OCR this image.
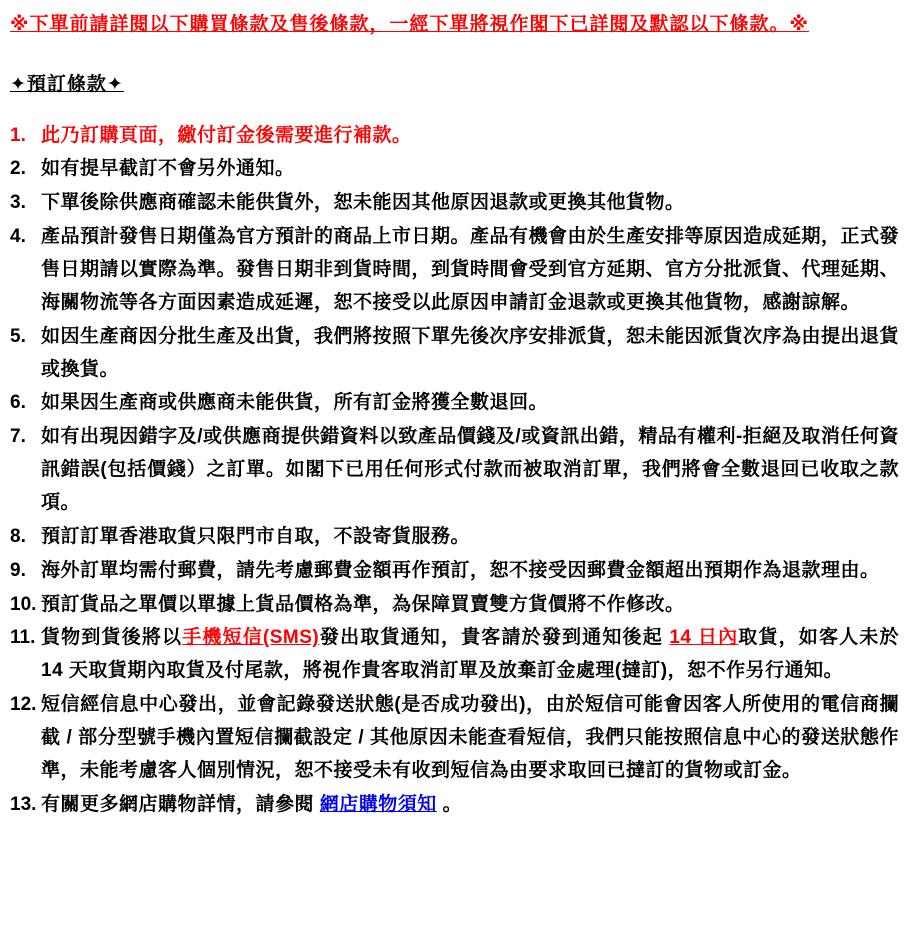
※下單前請詳閱以下購買條款及售後條款，一經下單將視作閣下已詳閱及默認以下條款。※

✦預訂條款✦

1. 此乃訂購頁面，繳付訂金後需要進行補款。
2. 如有提早截訂不會另外通知。
3. 下單後除供應商確認未能供貨外，恕未能因其他原因退款或更換其他貨物。
4. 產品預計發售日期僅為官方預計的商品上市日期。產品有機會由於生產安排等原因造成延期，正式發售日期請以實際為準。發售日期非到貨時間，到貨時間會受到官方延期、官方分批派貨、代理延期、海關物流等各方面因素造成延遲，恕不接受以此原因申請訂金退款或更換其他貨物，感謝諒解。
5. 如因生產商因分批生產及出貨，我們將按照下單先後次序安排派貨，恕未能因派貨次序為由提出退貨或換貨。
6. 如果因生產商或供應商未能供貨，所有訂金將獲全數退回。
7. 如有出現因錯字及/或供應商提供錯資料以致產品價錢及/或資訊出錯，精品有權利-拒絕及取消任何資訊錯誤(包括價錢）之訂單。如閣下已用任何形式付款而被取消訂單，我們將會全數退回已收取之款項。
8. 預訂訂單香港取貨只限門市自取，不設寄貨服務。
9. 海外訂單均需付郵費，請先考慮郵費金額再作預訂，恕不接受因郵費金額超出預期作為退款理由。
10. 預訂貨品之單價以單據上貨品價格為準，為保障買賣雙方貨價將不作修改。
11. 貨物到貨後將以手機短信(SMS)發出取貨通知，貴客請於發到通知後起 14 日內取貨，如客人未於 14 天取貨期內取貨及付尾款，將視作貴客取消訂單及放棄訂金處理(撻訂)，恕不作另行通知。
12. 短信經信息中心發出，並會記錄發送狀態(是否成功發出)，由於短信可能會因客人所使用的電信商攔截 / 部分型號手機內置短信攔截設定 / 其他原因未能查看短信，我們只能按照信息中心的發送狀態作準，未能考慮客人個別情況，恕不接受未有收到短信為由要求取回已撻訂的貨物或訂金。
13. 有關更多網店購物詳情，請參閱 網店購物須知 。
